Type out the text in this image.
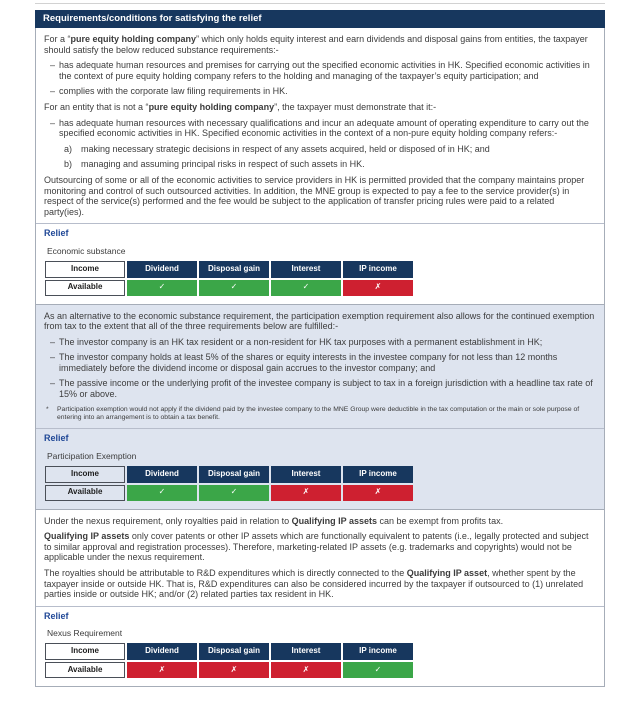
Requirements/conditions for satisfying the relief
For a “pure equity holding company” which only holds equity interest and earn dividends and disposal gains from entities, the taxpayer should satisfy the below reduced substance requirements:-
– has adequate human resources and premises for carrying out the specified economic activities in HK. Specified economic activities in the context of pure equity holding company refers to the holding and managing of the taxpayer’s equity participation; and
– complies with the corporate law filing requirements in HK.
For an entity that is not a “pure equity holding company”, the taxpayer must demonstrate that it:-
– has adequate human resources with necessary qualifications and incur an adequate amount of operating expenditure to carry out the specified economic activities in HK. Specified economic activities in the context of a non-pure equity holding company refers:-
a) making necessary strategic decisions in respect of any assets acquired, held or disposed of in HK; and
b) managing and assuming principal risks in respect of such assets in HK.
Outsourcing of some or all of the economic activities to service providers in HK is permitted provided that the company maintains proper monitoring and control of such outsourced activities. In addition, the MNE group is expected to pay a fee to the service provider(s) in respect of the service(s) performed and the fee would be subject to the application of transfer pricing rules were paid to a related party(ies).
Relief
Economic substance
Income	Dividend	Disposal gain	Interest	IP income
Available	✓	✓	✓	✗
As an alternative to the economic substance requirement, the participation exemption requirement also allows for the continued exemption from tax to the extent that all of the three requirements below are fulfilled:-
– The investor company is an HK tax resident or a non-resident for HK tax purposes with a permanent establishment in HK;
– The investor company holds at least 5% of the shares or equity interests in the investee company for not less than 12 months immediately before the dividend income or disposal gain accrues to the investor company; and
– The passive income or the underlying profit of the investee company is subject to tax in a foreign jurisdiction with a headline tax rate of 15% or above.
*	Participation exemption would not apply if the dividend paid by the investee company to the MNE Group were deductible in the tax computation or the main or sole purpose of entering into an arrangement is to obtain a tax benefit.
Relief
Participation Exemption
Income	Dividend	Disposal gain	Interest	IP income
Available	✓	✓	✗	✗
Under the nexus requirement, only royalties paid in relation to Qualifying IP assets can be exempt from profits tax.
Qualifying IP assets only cover patents or other IP assets which are functionally equivalent to patents (i.e., legally protected and subject to similar approval and registration processes). Therefore, marketing-related IP assets (e.g. trademarks and copyrights) would not be applicable under the nexus requirement.
The royalties should be attributable to R&D expenditures which is directly connected to the Qualifying IP asset, whether spent by the taxpayer inside or outside HK. That is, R&D expenditures can also be considered incurred by the taxpayer if outsourced to (1) unrelated parties inside or outside HK; and/or (2) related parties tax resident in HK.
Relief
Nexus Requirement
Income	Dividend	Disposal gain	Interest	IP income
Available	✗	✗	✗	✓
